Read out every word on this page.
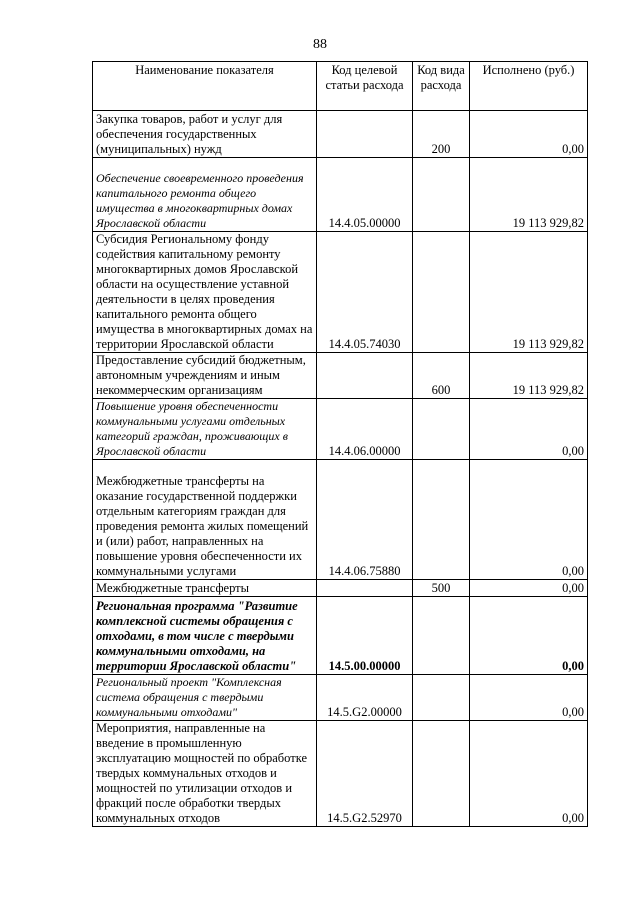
88
Наименование показателя	Код целевой статьи расхода	Код вида расхода	Исполнено (руб.)
Закупка товаров, работ и услуг для обеспечения государственных (муниципальных) нужд		200	0,00
Обеспечение своевременного проведения капитального ремонта общего имущества в многоквартирных домах Ярославской области	14.4.05.00000		19 113 929,82
Субсидия Региональному фонду содействия капитальному ремонту многоквартирных домов Ярославской области на осуществление уставной деятельности в целях проведения капитального ремонта общего имущества в многоквартирных домах на территории Ярославской области	14.4.05.74030		19 113 929,82
Предоставление субсидий бюджетным, автономным учреждениям и иным некоммерческим организациям		600	19 113 929,82
Повышение уровня обеспеченности коммунальными услугами отдельных категорий граждан, проживающих в Ярославской области	14.4.06.00000		0,00
Межбюджетные трансферты на оказание государственной поддержки отдельным категориям граждан для проведения ремонта жилых помещений и (или) работ, направленных на повышение уровня обеспеченности их коммунальными услугами	14.4.06.75880		0,00
Межбюджетные трансферты		500	0,00
Региональная программа "Развитие комплексной системы обращения с отходами, в том числе с твердыми коммунальными отходами, на территории Ярославской области"	14.5.00.00000		0,00
Региональный проект "Комплексная система обращения с твердыми коммунальными отходами"	14.5.G2.00000		0,00
Мероприятия, направленные на введение в промышленную эксплуатацию мощностей по обработке твердых коммунальных отходов и мощностей по утилизации отходов и фракций после обработки твердых коммунальных отходов	14.5.G2.52970		0,00
